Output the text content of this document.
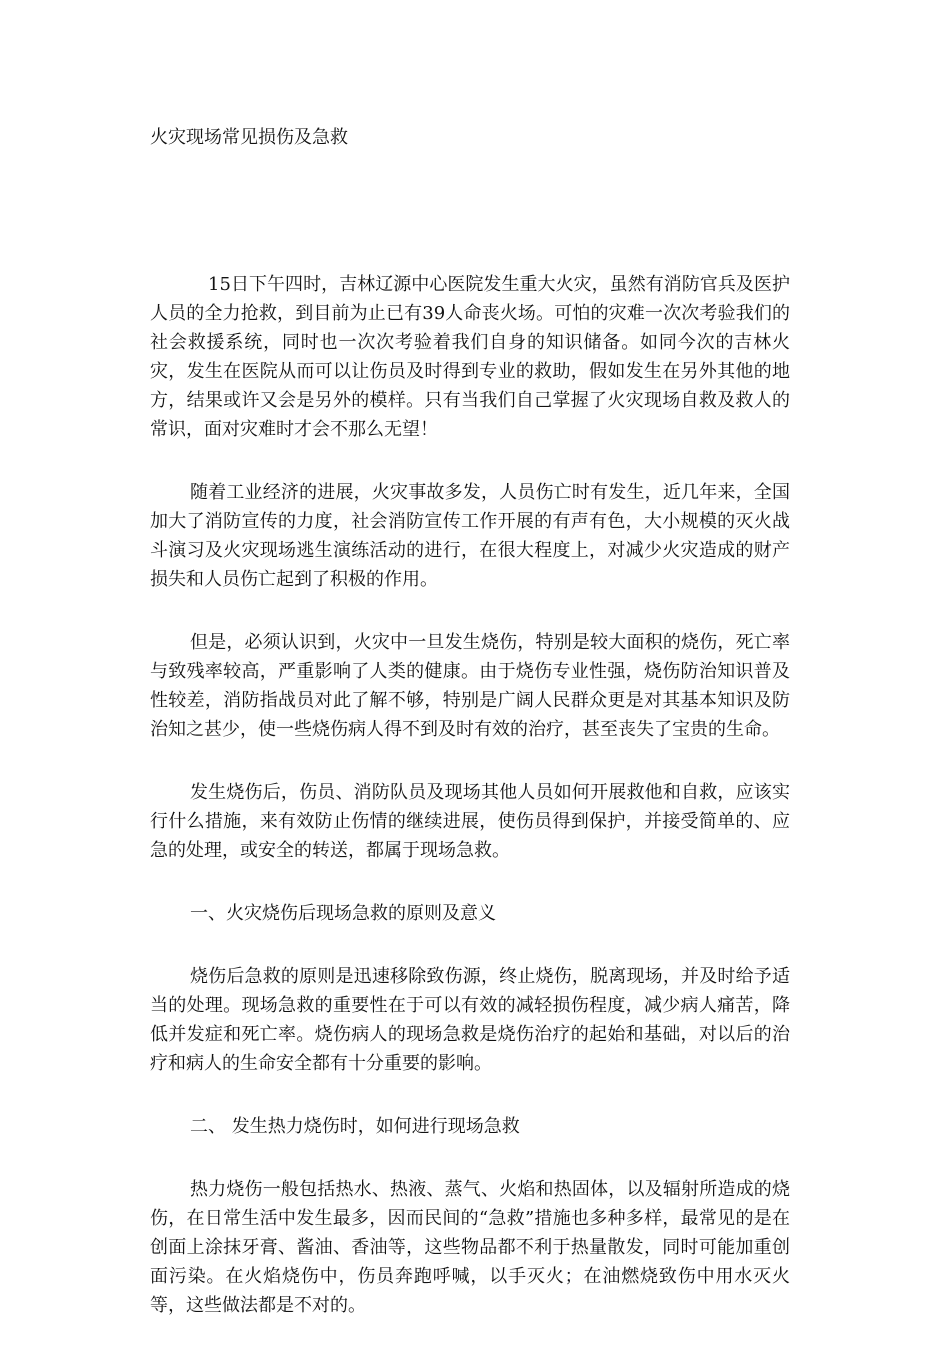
火灾现场常见损伤及急救

15日下午四时，吉林辽源中心医院发生重大火灾，虽然有消防官兵及医护人员的全力抢救，到目前为止已有39人命丧火场。可怕的灾难一次次考验我们的社会救援系统，同时也一次次考验着我们自身的知识储备。如同今次的吉林火灾，发生在医院从而可以让伤员及时得到专业的救助，假如发生在另外其他的地方，结果或许又会是另外的模样。只有当我们自己掌握了火灾现场自救及救人的常识，面对灾难时才会不那么无望！

随着工业经济的进展，火灾事故多发，人员伤亡时有发生，近几年来，全国加大了消防宣传的力度，社会消防宣传工作开展的有声有色，大小规模的灭火战斗演习及火灾现场逃生演练活动的进行，在很大程度上，对减少火灾造成的财产损失和人员伤亡起到了积极的作用。

但是，必须认识到，火灾中一旦发生烧伤，特别是较大面积的烧伤，死亡率与致残率较高，严重影响了人类的健康。由于烧伤专业性强，烧伤防治知识普及性较差，消防指战员对此了解不够，特别是广阔人民群众更是对其基本知识及防治知之甚少，使一些烧伤病人得不到及时有效的治疗，甚至丧失了宝贵的生命。

发生烧伤后，伤员、消防队员及现场其他人员如何开展救他和自救，应该实行什么措施，来有效防止伤情的继续进展，使伤员得到保护，并接受简单的、应急的处理，或安全的转送，都属于现场急救。

一、火灾烧伤后现场急救的原则及意义

烧伤后急救的原则是迅速移除致伤源，终止烧伤，脱离现场，并及时给予适当的处理。现场急救的重要性在于可以有效的减轻损伤程度，减少病人痛苦，降低并发症和死亡率。烧伤病人的现场急救是烧伤治疗的起始和基础，对以后的治疗和病人的生命安全都有十分重要的影响。

二、 发生热力烧伤时，如何进行现场急救

热力烧伤一般包括热水、热液、蒸气、火焰和热固体，以及辐射所造成的烧伤，在日常生活中发生最多，因而民间的“急救”措施也多种多样，最常见的是在创面上涂抹牙膏、酱油、香油等，这些物品都不利于热量散发，同时可能加重创面污染。在火焰烧伤中，伤员奔跑呼喊，以手灭火；在油燃烧致伤中用水灭火等，这些做法都是不对的。
